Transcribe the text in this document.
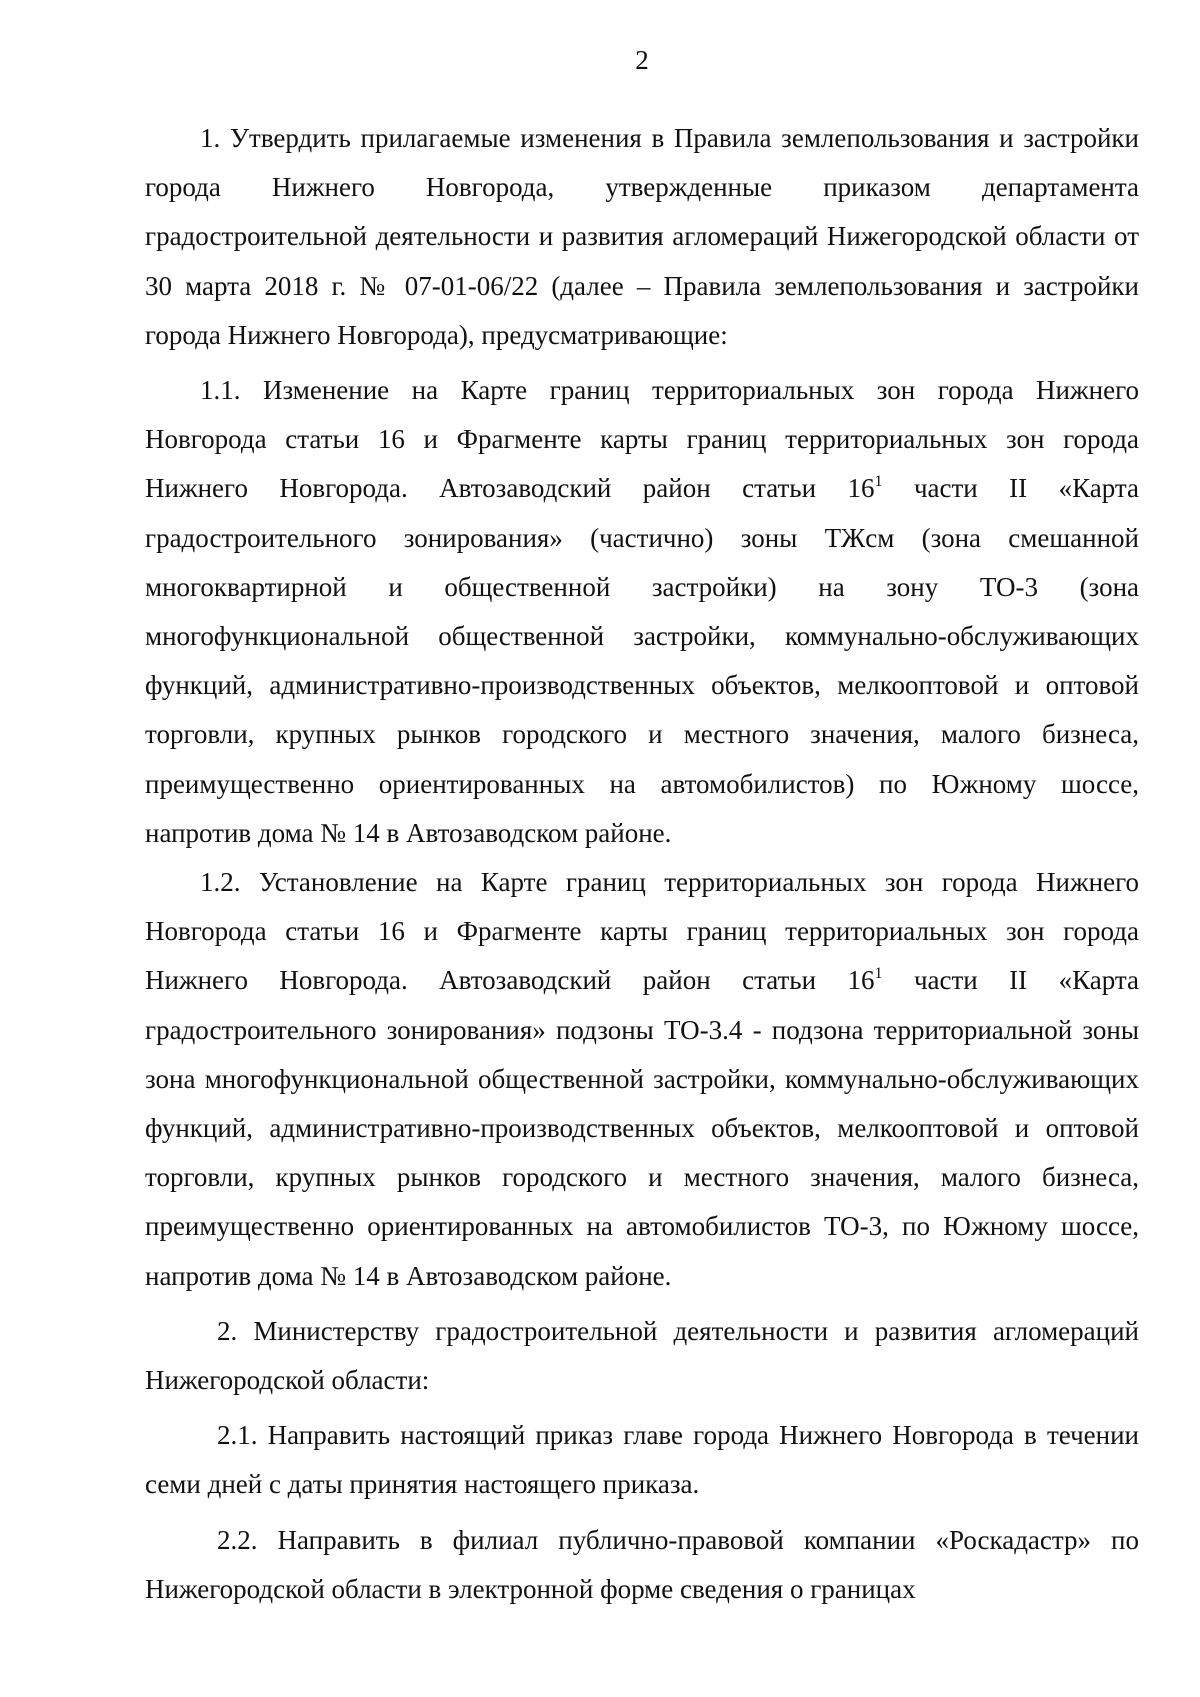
2

1. Утвердить прилагаемые изменения в Правила землепользования и застройки города Нижнего Новгорода, утвержденные приказом департамента градостроительной деятельности и развития агломераций Нижегородской области от 30 марта 2018 г. № 07-01-06/22 (далее – Правила землепользования и застройки города Нижнего Новгорода), предусматривающие:

1.1. Изменение на Карте границ территориальных зон города Нижнего Новгорода статьи 16 и Фрагменте карты границ территориальных зон города Нижнего Новгорода. Автозаводский район статьи $16^1$ части II «Карта градостроительного зонирования» (частично) зоны ТЖсм (зона смешанной многоквартирной и общественной застройки) на зону ТО-3 (зона многофункциональной общественной застройки, коммунально-обслуживающих функций, административно-производственных объектов, мелкооптовой и оптовой торговли, крупных рынков городского и местного значения, малого бизнеса, преимущественно ориентированных на автомобилистов) по Южному шоссе, напротив дома № 14 в Автозаводском районе.

1.2. Установление на Карте границ территориальных зон города Нижнего Новгорода статьи 16 и Фрагменте карты границ территориальных зон города Нижнего Новгорода. Автозаводский район статьи $16^1$ части II «Карта градостроительного зонирования» подзоны ТО-3.4 - подзона территориальной зоны зона многофункциональной общественной застройки, коммунально-обслуживающих функций, административно-производственных объектов, мелкооптовой и оптовой торговли, крупных рынков городского и местного значения, малого бизнеса, преимущественно ориентированных на автомобилистов ТО-3, по Южному шоссе, напротив дома № 14 в Автозаводском районе.

2. Министерству градостроительной деятельности и развития агломераций Нижегородской области:

2.1. Направить настоящий приказ главе города Нижнего Новгорода в течении семи дней с даты принятия настоящего приказа.

2.2. Направить в филиал публично-правовой компании «Роскадастр» по Нижегородской области в электронной форме сведения о границах
